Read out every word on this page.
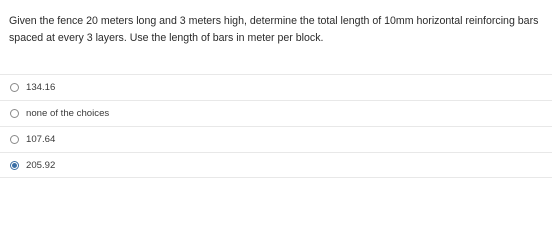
Given the fence 20 meters long and 3 meters high, determine the total length of 10mm horizontal reinforcing bars spaced at every 3 layers. Use the length of bars in meter per block.
134.16
none of the choices
107.64
205.92
